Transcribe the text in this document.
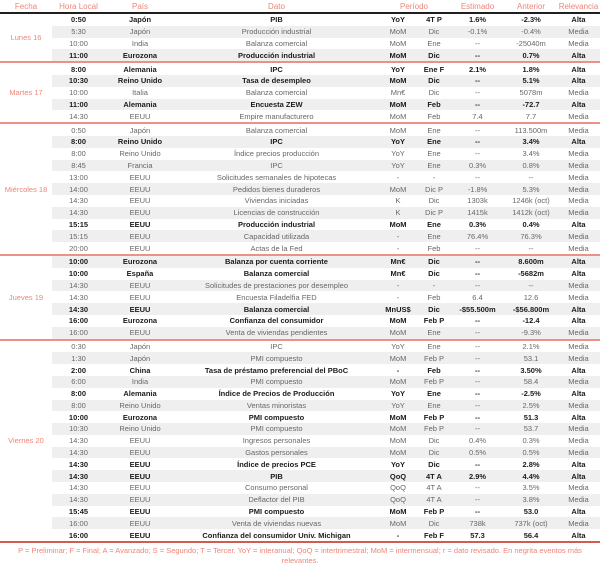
Fecha	Hora Local	País	Dato	Período	Estimado	Anterior	Relevancia
Lunes 16
0:50	Japón	PIB	YoY	4T P	1.6%	-2.3%	Alta
5:30	Japón	Producción industrial	MoM	Dic	-0.1%	-0.4%	Media
10:00	India	Balanza comercial	MoM	Ene	--	-25040m	Media
11:00	Eurozona	Producción industrial	MoM	Dic	--	0.7%	Alta
Martes 17
8:00	Alemania	IPC	YoY	Ene F	2.1%	1.8%	Alta
10:30	Reino Unido	Tasa de desempleo	MoM	Dic	--	5.1%	Alta
10:00	Italia	Balanza comercial	Mn€	Dic	--	5078m	Media
11:00	Alemania	Encuesta ZEW	MoM	Feb	--	-72.7	Alta
14:30	EEUU	Empire manufacturero	MoM	Feb	7.4	7.7	Media
Miércoles 18
0:50	Japón	Balanza comercial	MoM	Ene	--	113.500m	Media
8:00	Reino Unido	IPC	YoY	Ene	--	3.4%	Alta
8:00	Reino Unido	Índice precios producción	YoY	Ene	--	3.4%	Media
8:45	Francia	IPC	YoY	Ene	0.3%	0.8%	Media
13:00	EEUU	Solicitudes semanales de hipotecas	-	-	--	--	Media
14:00	EEUU	Pedidos bienes duraderos	MoM	Dic P	-1.8%	5.3%	Media
14:30	EEUU	Viviendas iniciadas	K	Dic	1303k	1246k (oct)	Media
14:30	EEUU	Licencias de construcción	K	Dic P	1415k	1412k (oct)	Media
15:15	EEUU	Producción industrial	MoM	Ene	0.3%	0.4%	Alta
15:15	EEUU	Capacidad utilizada	-	Ene	76.4%	76.3%	Media
20:00	EEUU	Actas de la Fed	-	Feb	--	--	Media
Jueves 19
10:00	Eurozona	Balanza por cuenta corriente	Mn€	Dic	--	8.600m	Alta
10:00	España	Balanza comercial	Mn€	Dic	--	-5682m	Alta
14:30	EEUU	Solicitudes de prestaciones por desempleo	-	-	--	--	Media
14:30	EEUU	Encuesta Filadelfia FED	-	Feb	6.4	12.6	Media
14:30	EEUU	Balanza comercial	MnUS$	Dic	-$55.500m	-$56.800m	Alta
16:00	Eurozona	Confianza del consumidor	MoM	Feb P	--	-12.4	Alta
16:00	EEUU	Venta de viviendas pendientes	MoM	Ene	--	-9.3%	Media
Viernes 20
0:30	Japón	IPC	YoY	Ene	--	2.1%	Media
1:30	Japón	PMI compuesto	MoM	Feb P	--	53.1	Media
2:00	China	Tasa de préstamo preferencial del PBoC	-	Feb	--	3.50%	Alta
6:00	India	PMI compuesto	MoM	Feb P	--	58.4	Media
8:00	Alemania	Índice de Precios de Producción	YoY	Ene	--	-2.5%	Alta
8:00	Reino Unido	Ventas minoristas	YoY	Ene	--	2.5%	Media
10:00	Eurozona	PMI compuesto	MoM	Feb P	--	51.3	Alta
10:30	Reino Unido	PMI compuesto	MoM	Feb P	--	53.7	Media
14:30	EEUU	Ingresos personales	MoM	Dic	0.4%	0.3%	Media
14:30	EEUU	Gastos personales	MoM	Dic	0.5%	0.5%	Media
14:30	EEUU	Índice de precios PCE	YoY	Dic	--	2.8%	Alta
14:30	EEUU	PIB	QoQ	4T A	2.9%	4.4%	Alta
14:30	EEUU	Consumo personal	QoQ	4T A	--	3.5%	Media
14:30	EEUU	Deflactor del PIB	QoQ	4T A	--	3.8%	Media
15:45	EEUU	PMI compuesto	MoM	Feb P	--	53.0	Alta
16:00	EEUU	Venta de viviendas nuevas	MoM	Dic	738k	737k (oct)	Media
16:00	EEUU	Confianza del consumidor Univ. Michigan	-	Feb F	57.3	56.4	Alta
P = Preliminar; F = Final; A = Avanzado; S = Segundo; T = Tercer. YoY = interanual; QoQ = intertrimestral; MoM = intermensual; r = dato revisado. En negrita eventos más relevantes.
